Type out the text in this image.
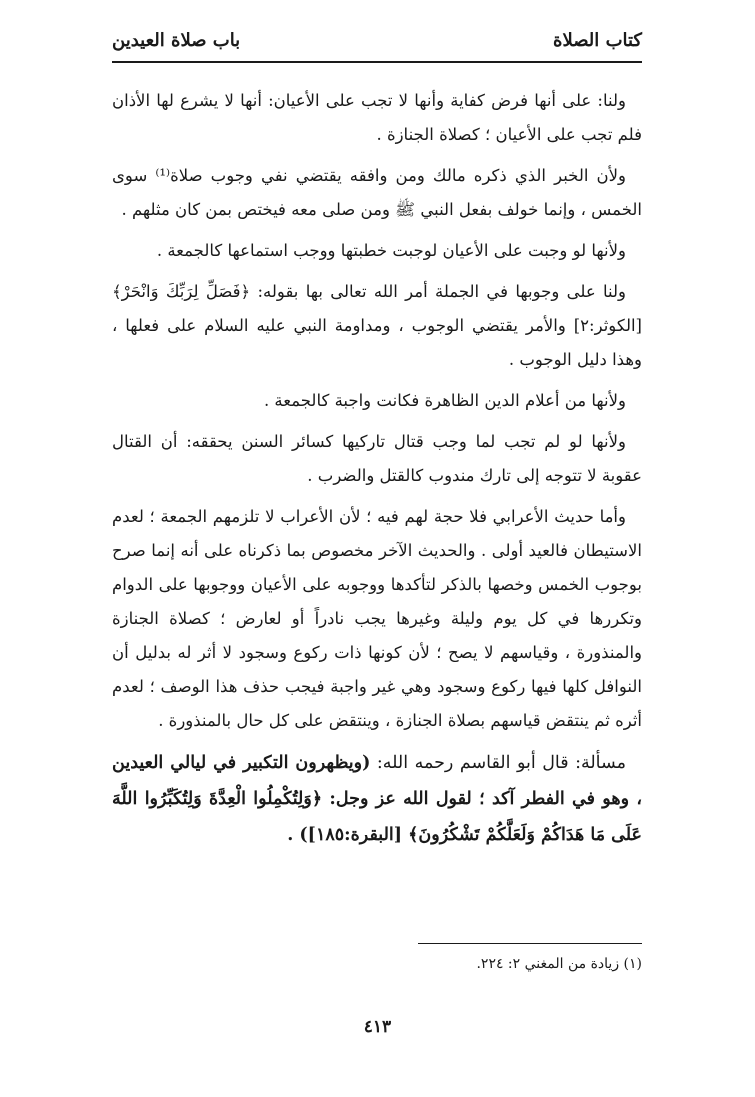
كتاب الصلاة
باب صلاة العيدين

ولنا: على أنها فرض كفاية وأنها لا تجب على الأعيان: أنها لا يشرع لها الأذان فلم تجب على الأعيان ؛ كصلاة الجنازة .

ولأن الخبر الذي ذكره مالك ومن وافقه يقتضي نفي وجوب صلاة⁽¹⁾ سوى الخمس ، وإنما خولف بفعل النبي ﷺ ومن صلى معه فيختص بمن كان مثلهم .

ولأنها لو وجبت على الأعيان لوجبت خطبتها ووجب استماعها كالجمعة .

ولنا على وجوبها في الجملة أمر الله تعالى بها بقوله: ﴿فَصَلِّ لِرَبِّكَ وَانْحَرْ﴾ [الكوثر:٢] والأمر يقتضي الوجوب ، ومداومة النبي عليه السلام على فعلها ، وهذا دليل الوجوب .

ولأنها من أعلام الدين الظاهرة فكانت واجبة كالجمعة .

ولأنها لو لم تجب لما وجب قتال تاركيها كسائر السنن يحققه: أن القتال عقوبة لا تتوجه إلى تارك مندوب كالقتل والضرب .

وأما حديث الأعرابي فلا حجة لهم فيه ؛ لأن الأعراب لا تلزمهم الجمعة ؛ لعدم الاستيطان فالعيد أولى . والحديث الآخر مخصوص بما ذكرناه على أنه إنما صرح بوجوب الخمس وخصها بالذكر لتأكدها ووجوبه على الأعيان ووجوبها على الدوام وتكررها في كل يوم وليلة وغيرها يجب نادراً أو لعارض ؛ كصلاة الجنازة والمنذورة ، وقياسهم لا يصح ؛ لأن كونها ذات ركوع وسجود لا أثر له بدليل أن النوافل كلها فيها ركوع وسجود وهي غير واجبة فيجب حذف هذا الوصف ؛ لعدم أثره ثم ينتقض قياسهم بصلاة الجنازة ، وينتقض على كل حال بالمنذورة .

مسألة: قال أبو القاسم رحمه الله: (ويظهرون التكبير في ليالي العيدين ، وهو في الفطر آكد ؛ لقول الله عز وجل: ﴿وَلِتُكْمِلُوا الْعِدَّةَ وَلِتُكَبِّرُوا اللَّهَ عَلَى مَا هَدَاكُمْ وَلَعَلَّكُمْ تَشْكُرُونَ﴾ [البقرة:١٨٥]) .

(١) زيادة من المغني ٢: ٢٢٤.
٤١٣
